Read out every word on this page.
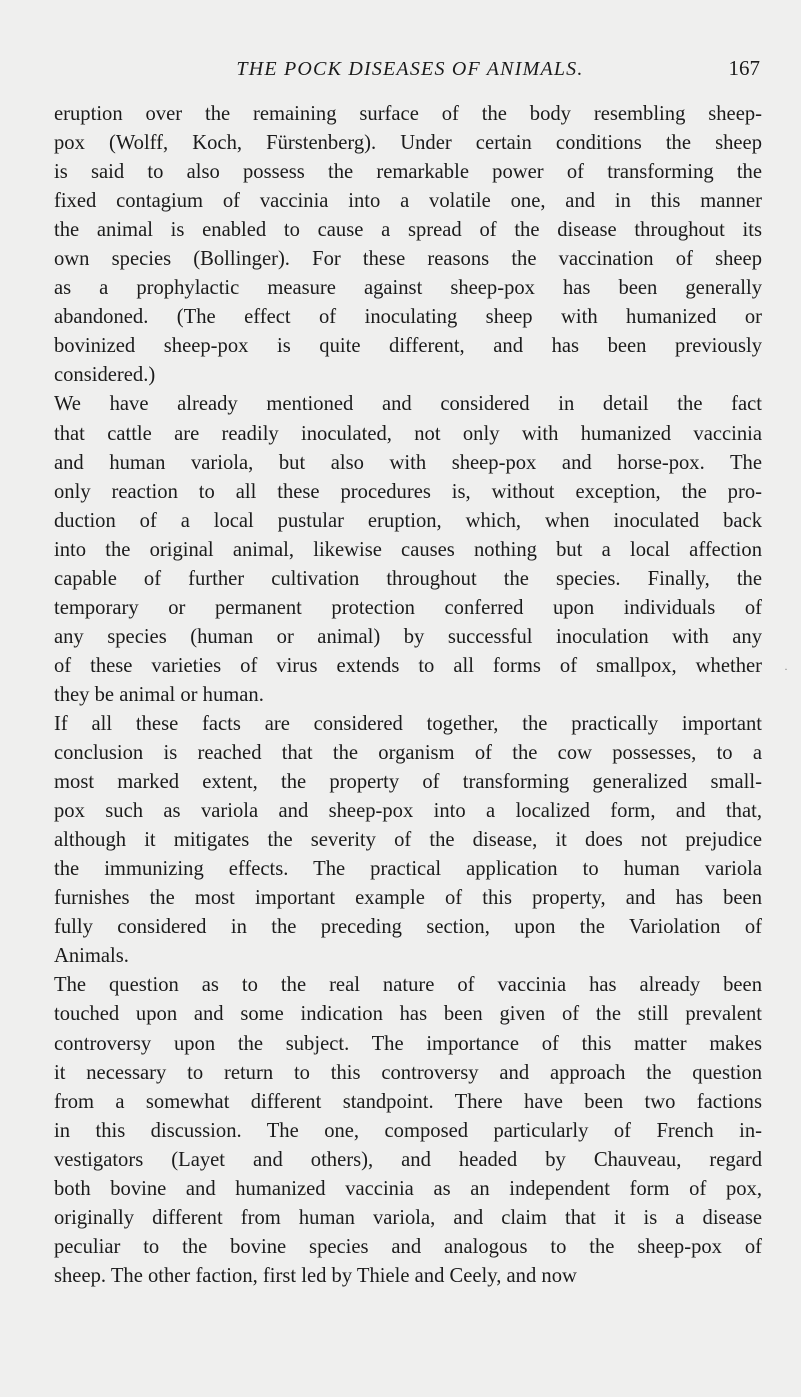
THE POCK DISEASES OF ANIMALS.	167
eruption over the remaining surface of the body resembling sheep-
pox (Wolff, Koch, Fürstenberg). Under certain conditions the sheep
is said to also possess the remarkable power of transforming the
fixed contagium of vaccinia into a volatile one, and in this manner
the animal is enabled to cause a spread of the disease throughout its
own species (Bollinger). For these reasons the vaccination of sheep
as a prophylactic measure against sheep-pox has been generally
abandoned. (The effect of inoculating sheep with humanized or
bovinized sheep-pox is quite different, and has been previously
considered.)
We have already mentioned and considered in detail the fact
that cattle are readily inoculated, not only with humanized vaccinia
and human variola, but also with sheep-pox and horse-pox. The
only reaction to all these procedures is, without exception, the pro-
duction of a local pustular eruption, which, when inoculated back
into the original animal, likewise causes nothing but a local affection
capable of further cultivation throughout the species. Finally, the
temporary or permanent protection conferred upon individuals of
any species (human or animal) by successful inoculation with any
of these varieties of virus extends to all forms of smallpox, whether
they be animal or human.
If all these facts are considered together, the practically important
conclusion is reached that the organism of the cow possesses, to a
most marked extent, the property of transforming generalized small-
pox such as variola and sheep-pox into a localized form, and that,
although it mitigates the severity of the disease, it does not prejudice
the immunizing effects. The practical application to human variola
furnishes the most important example of this property, and has been
fully considered in the preceding section, upon the Variolation of
Animals.
The question as to the real nature of vaccinia has already been
touched upon and some indication has been given of the still prevalent
controversy upon the subject. The importance of this matter makes
it necessary to return to this controversy and approach the question
from a somewhat different standpoint. There have been two factions
in this discussion. The one, composed particularly of French in-
vestigators (Layet and others), and headed by Chauveau, regard
both bovine and humanized vaccinia as an independent form of pox,
originally different from human variola, and claim that it is a disease
peculiar to the bovine species and analogous to the sheep-pox of
sheep. The other faction, first led by Thiele and Ceely, and now
·
